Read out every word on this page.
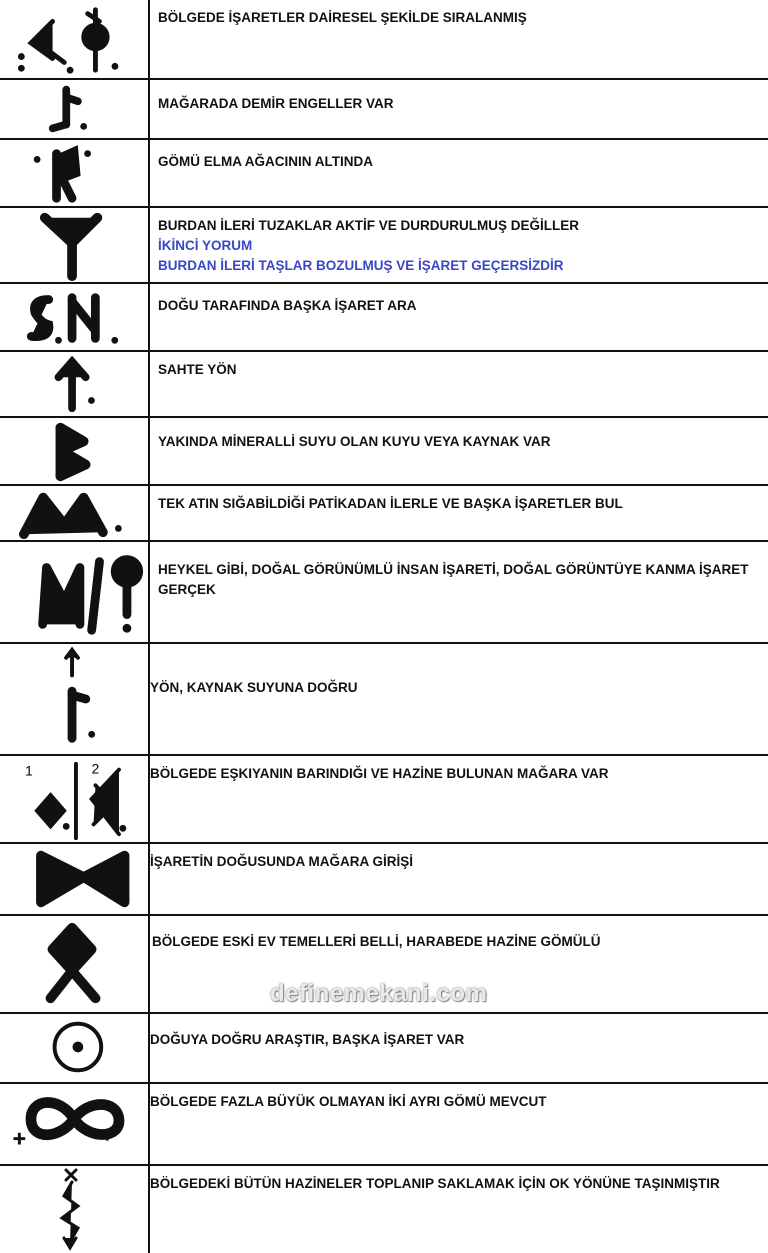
BÖLGEDE İŞARETLER DAİRESEL ŞEKİLDE SIRALANMIŞ
MAĞARADA DEMİR ENGELLER VAR
GÖMÜ ELMA AĞACININ ALTINDA
BURDAN İLERİ TUZAKLAR AKTİF VE DURDURULMUŞ DEĞİLLER
İKİNCİ YORUM
BURDAN İLERİ TAŞLAR BOZULMUŞ VE İŞARET GEÇERSİZDİR
DOĞU TARAFINDA BAŞKA İŞARET ARA
SAHTE YÖN
YAKINDA MİNERALLİ SUYU OLAN KUYU VEYA KAYNAK VAR
TEK ATIN SIĞABİLDİĞİ PATİKADAN İLERLE VE BAŞKA İŞARETLER BUL
HEYKEL GİBİ, DOĞAL GÖRÜNÜMLÜ İNSAN İŞARETİ, DOĞAL GÖRÜNTÜYE KANMA İŞARET GERÇEK
YÖN, KAYNAK SUYUNA DOĞRU
1	2	BÖLGEDE EŞKIYANIN BARINDIĞI VE HAZİNE BULUNAN MAĞARA VAR
İŞARETİN DOĞUSUNDA MAĞARA GİRİŞİ
BÖLGEDE ESKİ EV TEMELLERİ BELLİ, HARABEDE HAZİNE GÖMÜLÜ
DOĞUYA DOĞRU ARAŞTIR, BAŞKA İŞARET VAR
BÖLGEDE FAZLA BÜYÜK OLMAYAN İKİ AYRI GÖMÜ MEVCUT
BÖLGEDEKİ BÜTÜN HAZİNELER TOPLANIP SAKLAMAK İÇİN OK YÖNÜNE TAŞINMIŞTIR
definemekani.com
